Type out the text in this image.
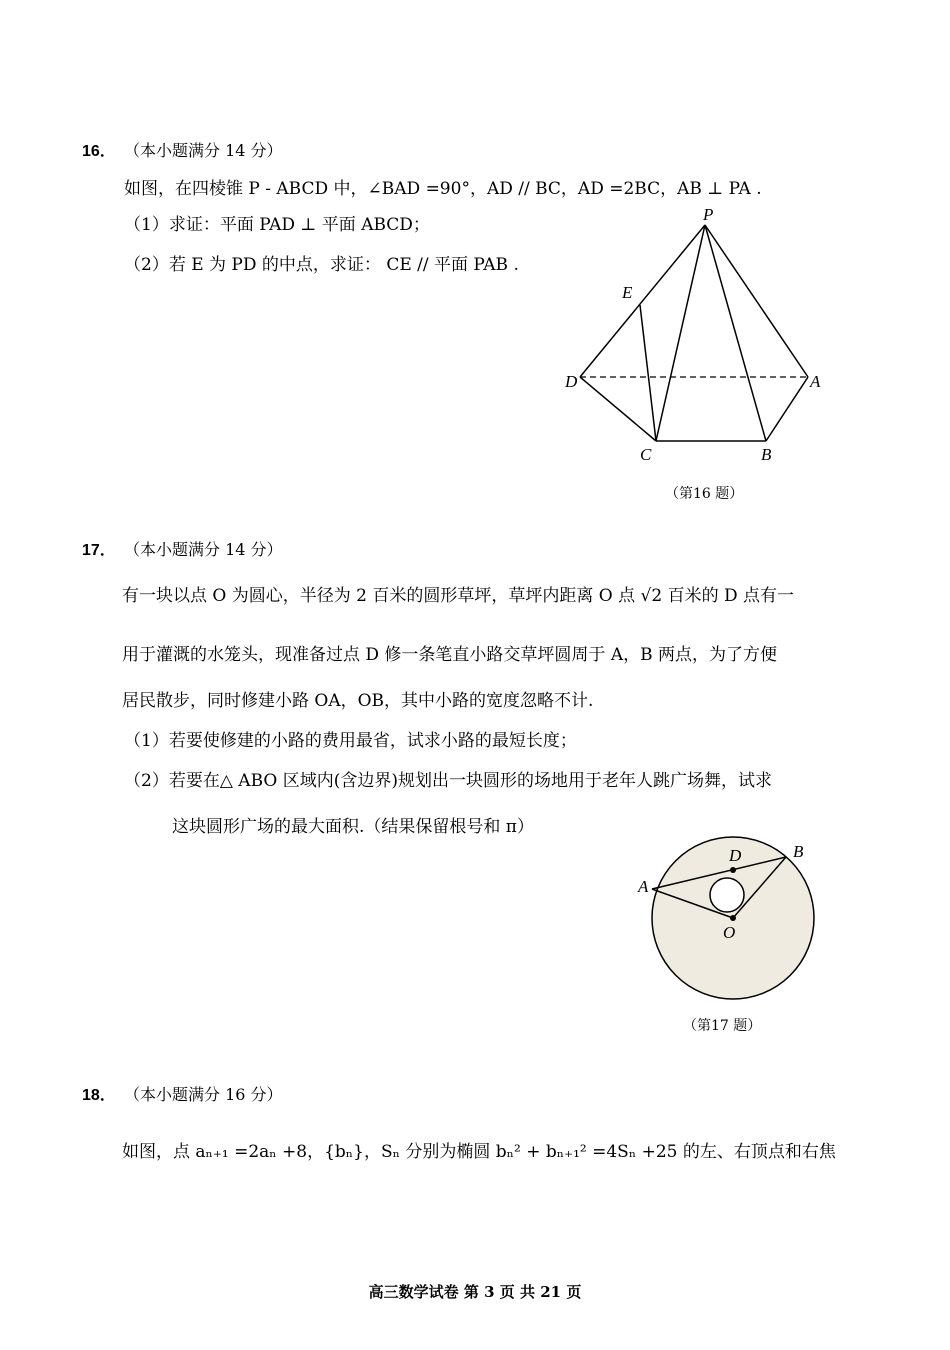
16． （本小题满分 14 分）
如图，在四棱锥 P - ABCD 中，∠BAD =90°，AD // BC，AD =2BC，AB ⊥ PA .
（1）求证：平面 PAD ⊥ 平面 ABCD；
（2）若 E 为 PD 的中点，求证： CE // 平面 PAB .
P
E
D	A
C	B
（第16 题）
17． （本小题满分 14 分）
有一块以点 O 为圆心，半径为 2 百米的圆形草坪，草坪内距离 O 点 √2 百米的 D 点有一
用于灌溉的水笼头，现准备过点 D 修一条笔直小路交草坪圆周于 A，B 两点，为了方便
居民散步，同时修建小路 OA，OB，其中小路的宽度忽略不计.
（1）若要使修建的小路的费用最省，试求小路的最短长度；
（2）若要在△ ABO 区域内(含边界)规划出一块圆形的场地用于老年人跳广场舞，试求
这块圆形广场的最大面积.（结果保留根号和 π）
D	B
A
O
（第17 题）
18． （本小题满分 16 分）
如图，点 aₙ₊₁ =2aₙ +8，{bₙ}，Sₙ 分别为椭圆 bₙ² + bₙ₊₁² =4Sₙ +25 的左、右顶点和右焦
高三数学试卷 第 3 页 共 21 页
